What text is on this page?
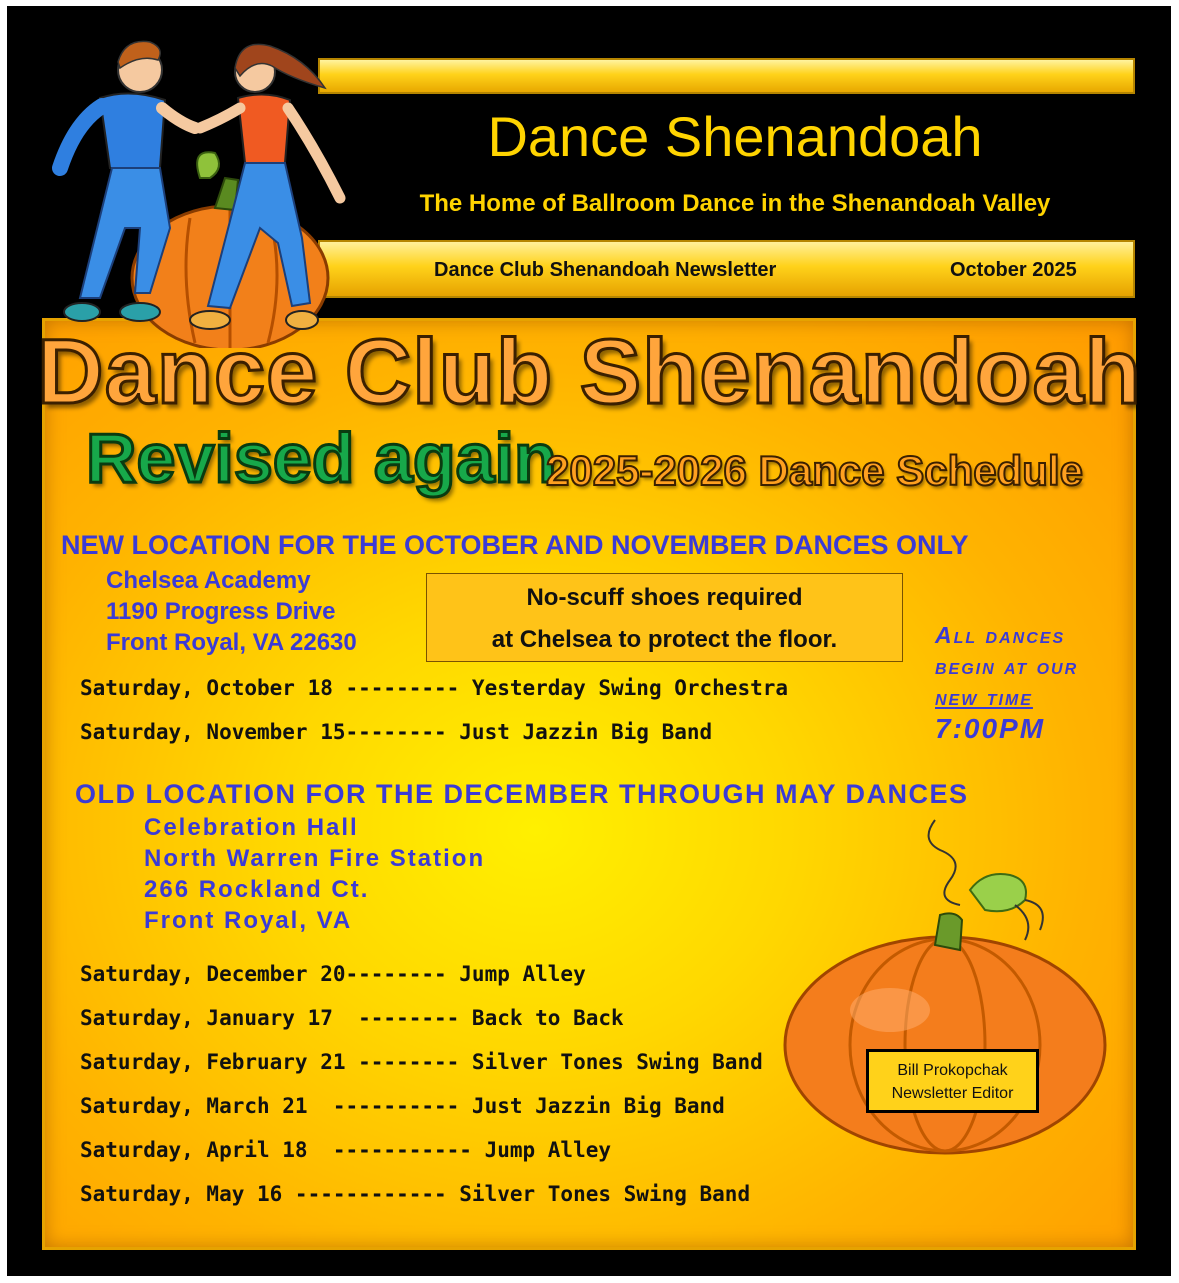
Dance Shenandoah
The Home of Ballroom Dance in the Shenandoah Valley
Dance Club Shenandoah Newsletter	October 2025
Dance Club Shenandoah
Revised again
2025-2026 Dance Schedule
NEW LOCATION FOR THE OCTOBER AND NOVEMBER DANCES ONLY
Chelsea Academy
1190 Progress Drive
Front Royal, VA 22630
No-scuff shoes required
at Chelsea to protect the floor.	All dances
begin at our
new time
7:00PM
Saturday, October 18 --------- Yesterday Swing Orchestra
Saturday, November 15-------- Just Jazzin Big Band
OLD LOCATION FOR THE DECEMBER THROUGH MAY DANCES
Celebration Hall
North Warren Fire Station
266 Rockland Ct.
Front Royal, VA
Saturday, December 20-------- Jump Alley
Saturday, January 17  -------- Back to Back
Saturday, February 21 -------- Silver Tones Swing Band
Saturday, March 21  ---------- Just Jazzin Big Band
Saturday, April 18  ----------- Jump Alley
Saturday, May 16 ------------ Silver Tones Swing Band
Bill Prokopchak
Newsletter Editor
